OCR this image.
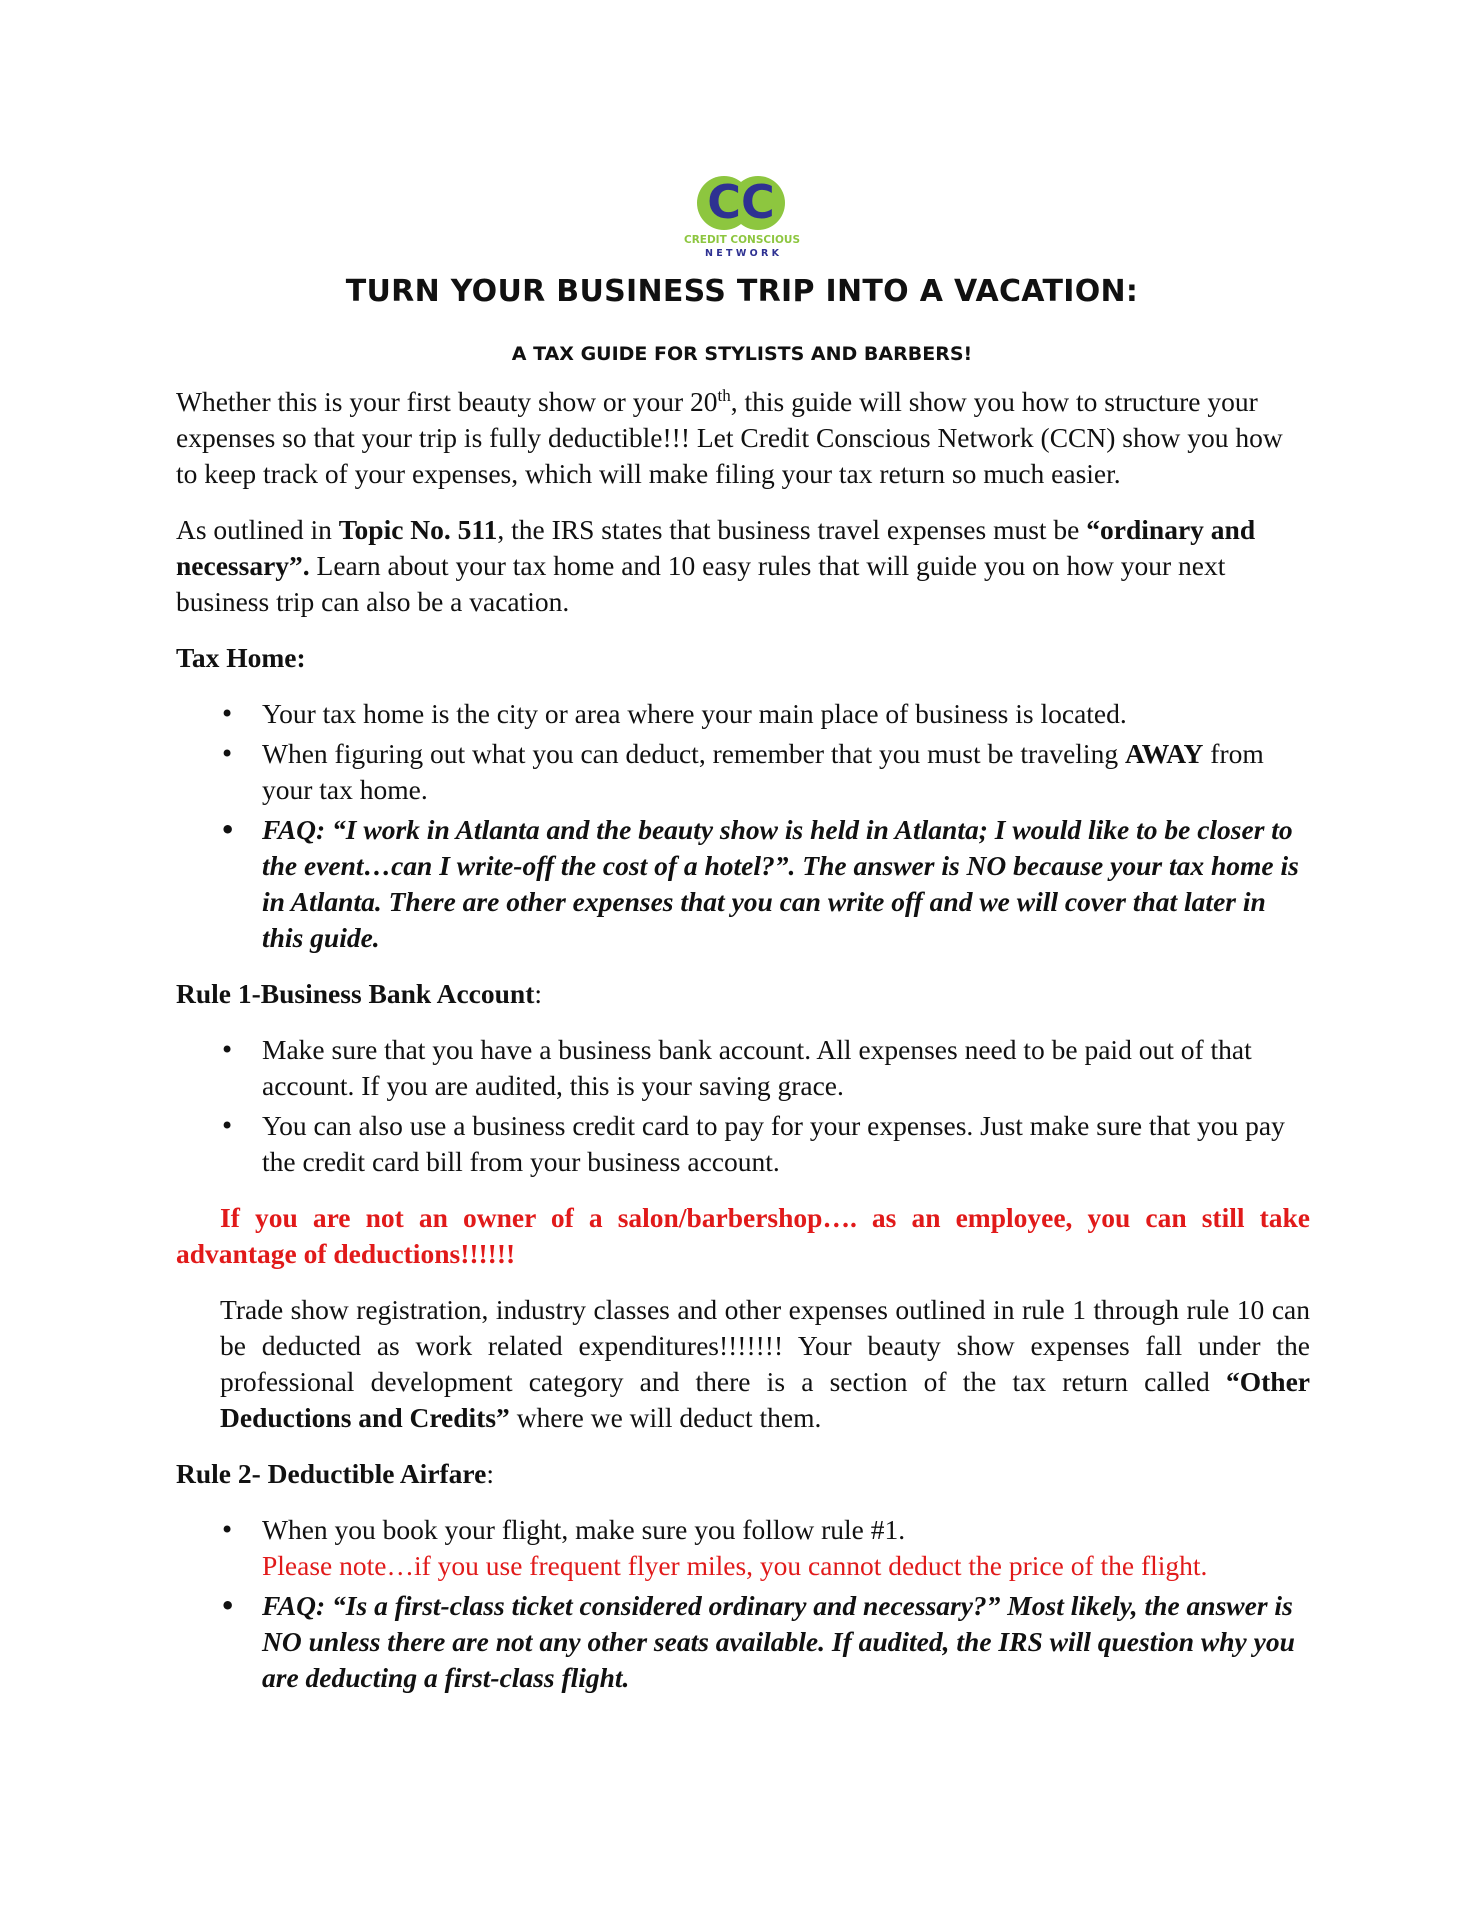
CC
CREDIT CONSCIOUS
N E T W O R K
TURN YOUR BUSINESS TRIP INTO A VACATION:
A TAX GUIDE FOR STYLISTS AND BARBERS!

Whether this is your first beauty show or your 20th, this guide will show you how to structure your expenses so that your trip is fully deductible!!! Let Credit Conscious Network (CCN) show you how to keep track of your expenses, which will make filing your tax return so much easier.

As outlined in Topic No. 511, the IRS states that business travel expenses must be “ordinary and necessary”. Learn about your tax home and 10 easy rules that will guide you on how your next business trip can also be a vacation.

Tax Home:
• Your tax home is the city or area where your main place of business is located.
• When figuring out what you can deduct, remember that you must be traveling AWAY from your tax home.
• FAQ: “I work in Atlanta and the beauty show is held in Atlanta; I would like to be closer to the event…can I write-off the cost of a hotel?”. The answer is NO because your tax home is in Atlanta. There are other expenses that you can write off and we will cover that later in this guide.
Rule 1-Business Bank Account:
• Make sure that you have a business bank account. All expenses need to be paid out of that account. If you are audited, this is your saving grace.
• You can also use a business credit card to pay for your expenses. Just make sure that you pay the credit card bill from your business account.

If you are not an owner of a salon/barbershop…. as an employee, you can still take advantage of deductions!!!!!!

Trade show registration, industry classes and other expenses outlined in rule 1 through rule 10 can be deducted as work related expenditures!!!!!!! Your beauty show expenses fall under the professional development category and there is a section of the tax return called “Other Deductions and Credits” where we will deduct them.

Rule 2- Deductible Airfare:
• When you book your flight, make sure you follow rule #1.
Please note…if you use frequent flyer miles, you cannot deduct the price of the flight.
• FAQ: “Is a first-class ticket considered ordinary and necessary?” Most likely, the answer is NO unless there are not any other seats available. If audited, the IRS will question why you are deducting a first-class flight.
